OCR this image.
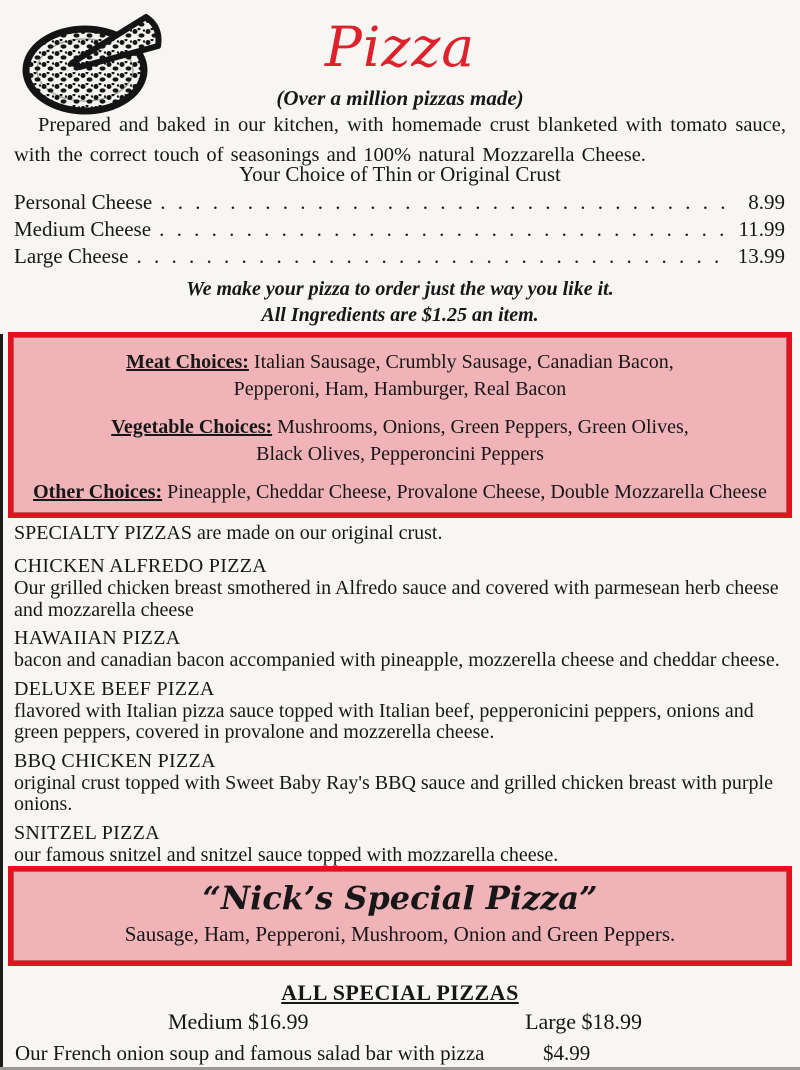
Pizza
(Over a million pizzas made)

Prepared and baked in our kitchen, with homemade crust blanketed with tomato sauce, with the correct touch of seasonings and 100% natural Mozzarella Cheese.

Your Choice of Thin or Original Crust
Personal Cheese . . .	8.99
Medium Cheese . . .	11.99
Large Cheese . . .	13.99
We make your pizza to order just the way you like it.
All Ingredients are $1.25 an item.
Meat Choices: Italian Sausage, Crumbly Sausage, Canadian Bacon,
Pepperoni, Ham, Hamburger, Real Bacon
Vegetable Choices: Mushrooms, Onions, Green Peppers, Green Olives,
Black Olives, Pepperoncini Peppers
Other Choices: Pineapple, Cheddar Cheese, Provalone Cheese, Double Mozzarella Cheese
SPECIALTY PIZZAS are made on our original crust.
CHICKEN ALFREDO PIZZA
Our grilled chicken breast smothered in Alfredo sauce and covered with parmesean herb cheese and mozzarella cheese
HAWAIIAN PIZZA
bacon and canadian bacon accompanied with pineapple, mozzerella cheese and cheddar cheese.
DELUXE BEEF PIZZA
flavored with Italian pizza sauce topped with Italian beef, pepperonicini peppers, onions and green peppers, covered in provalone and mozzerella cheese.
BBQ CHICKEN PIZZA
original crust topped with Sweet Baby Ray's BBQ sauce and grilled chicken breast with purple onions.
SNITZEL PIZZA
our famous snitzel and snitzel sauce topped with mozzarella cheese.
“Nick’s Special Pizza”
Sausage, Ham, Pepperoni, Mushroom, Onion and Green Peppers.
ALL SPECIAL PIZZAS
Medium $16.99	Large $18.99
Our French onion soup and famous salad bar with pizza	$4.99
